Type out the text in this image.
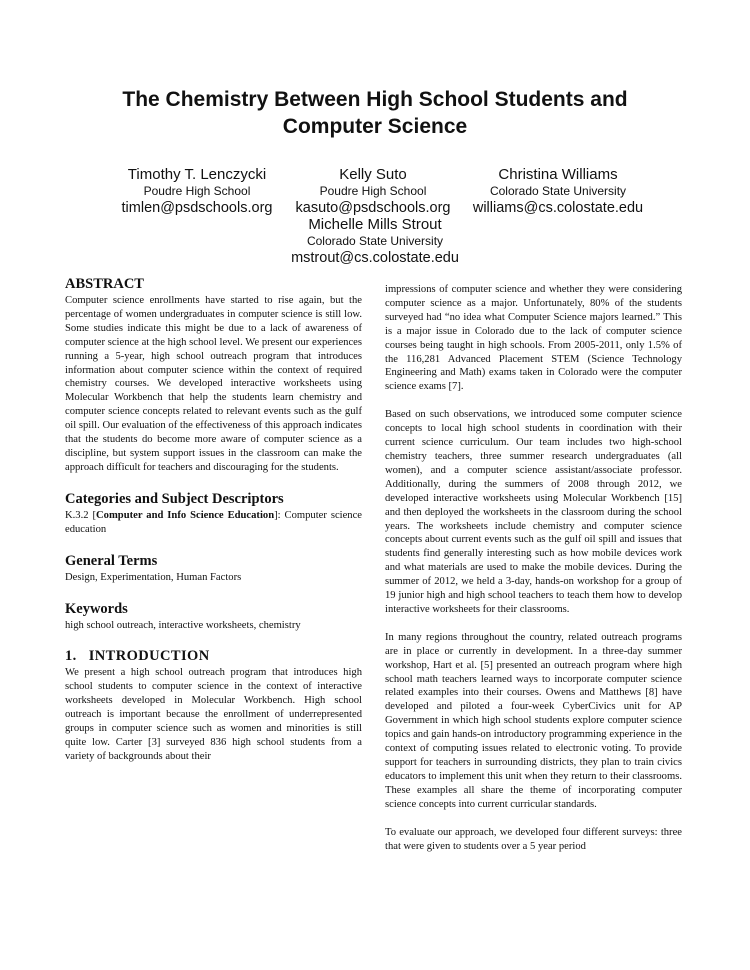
The Chemistry Between High School Students and
Computer Science
Timothy T. Lenczycki
Poudre High School
timlen@psdschools.org
Kelly Suto
Poudre High School
kasuto@psdschools.org
Christina Williams
Colorado State University
williams@cs.colostate.edu
Michelle Mills Strout
Colorado State University
mstrout@cs.colostate.edu
ABSTRACT

Computer science enrollments have started to rise again, but the percentage of women undergraduates in computer science is still low. Some studies indicate this might be due to a lack of awareness of computer science at the high school level. We present our experiences running a 5-year, high school outreach program that introduces information about computer science within the context of required chemistry courses. We developed interactive worksheets using Molecular Workbench that help the students learn chemistry and computer science concepts related to relevant events such as the gulf oil spill. Our evaluation of the effectiveness of this approach indicates that the students do become more aware of computer science as a discipline, but system support issues in the classroom can make the approach difficult for teachers and discouraging for the students.

Categories and Subject Descriptors

K.3.2 [Computer and Info Science Education]: Computer science education

General Terms

Design, Experimentation, Human Factors

Keywords

high school outreach, interactive worksheets, chemistry

1.   INTRODUCTION

We present a high school outreach program that introduces high school students to computer science in the context of interactive worksheets developed in Molecular Workbench. High school outreach is important because the enrollment of underrepresented groups in computer science such as women and minorities is still quite low. Carter [3] surveyed 836 high school students from a variety of backgrounds about their

impressions of computer science and whether they were considering computer science as a major. Unfortunately, 80% of the students surveyed had “no idea what Computer Science majors learned.” This is a major issue in Colorado due to the lack of computer science courses being taught in high schools. From 2005-2011, only 1.5% of the 116,281 Advanced Placement STEM (Science Technology Engineering and Math) exams taken in Colorado were the computer science exams [7].

Based on such observations, we introduced some computer science concepts to local high school students in coordination with their current science curriculum. Our team includes two high-school chemistry teachers, three summer research undergraduates (all women), and a computer science assistant/associate professor. Additionally, during the summers of 2008 through 2012, we developed interactive worksheets using Molecular Workbench [15] and then deployed the worksheets in the classroom during the school years. The worksheets include chemistry and computer science concepts about current events such as the gulf oil spill and issues that students find generally interesting such as how mobile devices work and what materials are used to make the mobile devices. During the summer of 2012, we held a 3-day, hands-on workshop for a group of 19 junior high and high school teachers to teach them how to develop interactive worksheets for their classrooms.

In many regions throughout the country, related outreach programs are in place or currently in development. In a three-day summer workshop, Hart et al. [5] presented an outreach program where high school math teachers learned ways to incorporate computer science related examples into their courses. Owens and Matthews [8] have developed and piloted a four-week CyberCivics unit for AP Government in which high school students explore computer science topics and gain hands-on introductory programming experience in the context of computing issues related to electronic voting. To provide support for teachers in surrounding districts, they plan to train civics educators to implement this unit when they return to their classrooms. These examples all share the theme of incorporating computer science concepts into current curricular standards.

To evaluate our approach, we developed four different surveys: three that were given to students over a 5 year period
